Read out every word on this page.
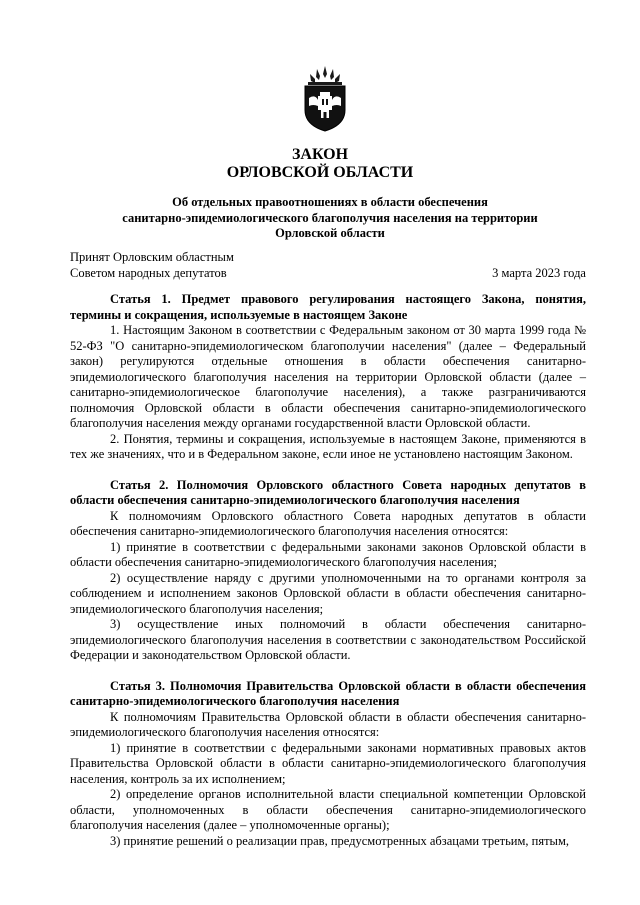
ЗАКОН
ОРЛОВСКОЙ ОБЛАСТИ
Об отдельных правоотношениях в области обеспечения
санитарно-эпидемиологического благополучия населения на территории
Орловской области
Принят Орловским областным
Советом народных депутатов	3 марта 2023 года

Статья 1. Предмет правового регулирования настоящего Закона, понятия, термины и сокращения, используемые в настоящем Законе

1. Настоящим Законом в соответствии с Федеральным законом от 30 марта 1999 года № 52-ФЗ "О санитарно-эпидемиологическом благополучии населения" (далее – Федеральный закон) регулируются отдельные отношения в области обеспечения санитарно-эпидемиологического благополучия населения на территории Орловской области (далее – санитарно-эпидемиологическое благополучие населения), а также разграничиваются полномочия Орловской области в области обеспечения санитарно-эпидемиологического благополучия населения между органами государственной власти Орловской области.

2. Понятия, термины и сокращения, используемые в настоящем Законе, применяются в тех же значениях, что и в Федеральном законе, если иное не установлено настоящим Законом.

Статья 2. Полномочия Орловского областного Совета народных депутатов в области обеспечения санитарно-эпидемиологического благополучия населения

К полномочиям Орловского областного Совета народных депутатов в области обеспечения санитарно-эпидемиологического благополучия населения относятся:

1) принятие в соответствии с федеральными законами законов Орловской области в области обеспечения санитарно-эпидемиологического благополучия населения;

2) осуществление наряду с другими уполномоченными на то органами контроля за соблюдением и исполнением законов Орловской области в области обеспечения санитарно-эпидемиологического благополучия населения;

3) осуществление иных полномочий в области обеспечения санитарно-эпидемиологического благополучия населения в соответствии с законодательством Российской Федерации и законодательством Орловской области.

Статья 3. Полномочия Правительства Орловской области в области обеспечения санитарно-эпидемиологического благополучия населения

К полномочиям Правительства Орловской области в области обеспечения санитарно-эпидемиологического благополучия населения относятся:

1) принятие в соответствии с федеральными законами нормативных правовых актов Правительства Орловской области в области санитарно-эпидемиологического благополучия населения, контроль за их исполнением;

2) определение органов исполнительной власти специальной компетенции Орловской области, уполномоченных в области обеспечения санитарно-эпидемиологического благополучия населения (далее – уполномоченные органы);

3) принятие решений о реализации прав, предусмотренных абзацами третьим, пятым,
